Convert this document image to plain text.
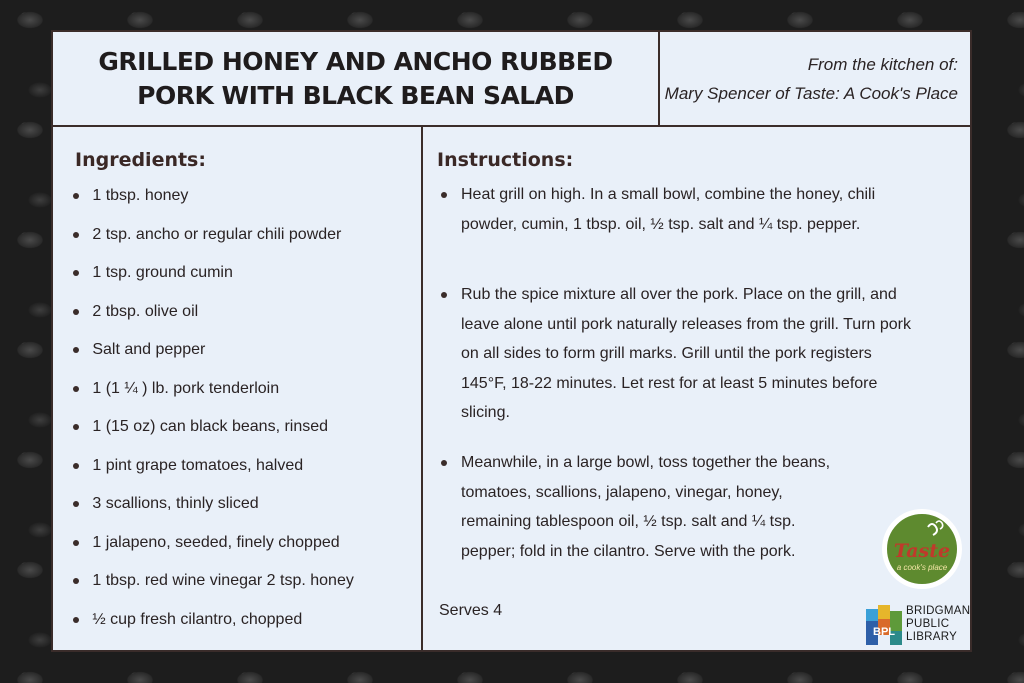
GRILLED HONEY AND ANCHO RUBBED
PORK WITH BLACK BEAN SALAD
From the kitchen of:
Mary Spencer of Taste: A Cook's Place
Ingredients:
1 tbsp. honey
2 tsp. ancho or regular chili powder
1 tsp. ground cumin
2 tbsp. olive oil
Salt and pepper
1 (1 ¼ ) lb. pork tenderloin
1 (15 oz) can black beans, rinsed
1 pint grape tomatoes, halved
3 scallions, thinly sliced
1 jalapeno, seeded, finely chopped
1 tbsp. red wine vinegar 2 tsp. honey
½ cup fresh cilantro, chopped
Instructions:
Heat grill on high. In a small bowl, combine the honey, chili
powder, cumin, 1 tbsp. oil, ½ tsp. salt and ¼ tsp. pepper.
Rub the spice mixture all over the pork. Place on the grill, and
leave alone until pork naturally releases from the grill. Turn pork
on all sides to form grill marks. Grill until the pork registers
145°F, 18-22 minutes. Let rest for at least 5 minutes before
slicing.
Meanwhile, in a large bowl, toss together the beans,
tomatoes, scallions, jalapeno, vinegar, honey,
remaining tablespoon oil, ½ tsp. salt and ¼ tsp.
pepper; fold in the cilantro. Serve with the pork.
Serves 4
Taste
a cook's place
BPL
BRIDGMAN
PUBLIC
LIBRARY
